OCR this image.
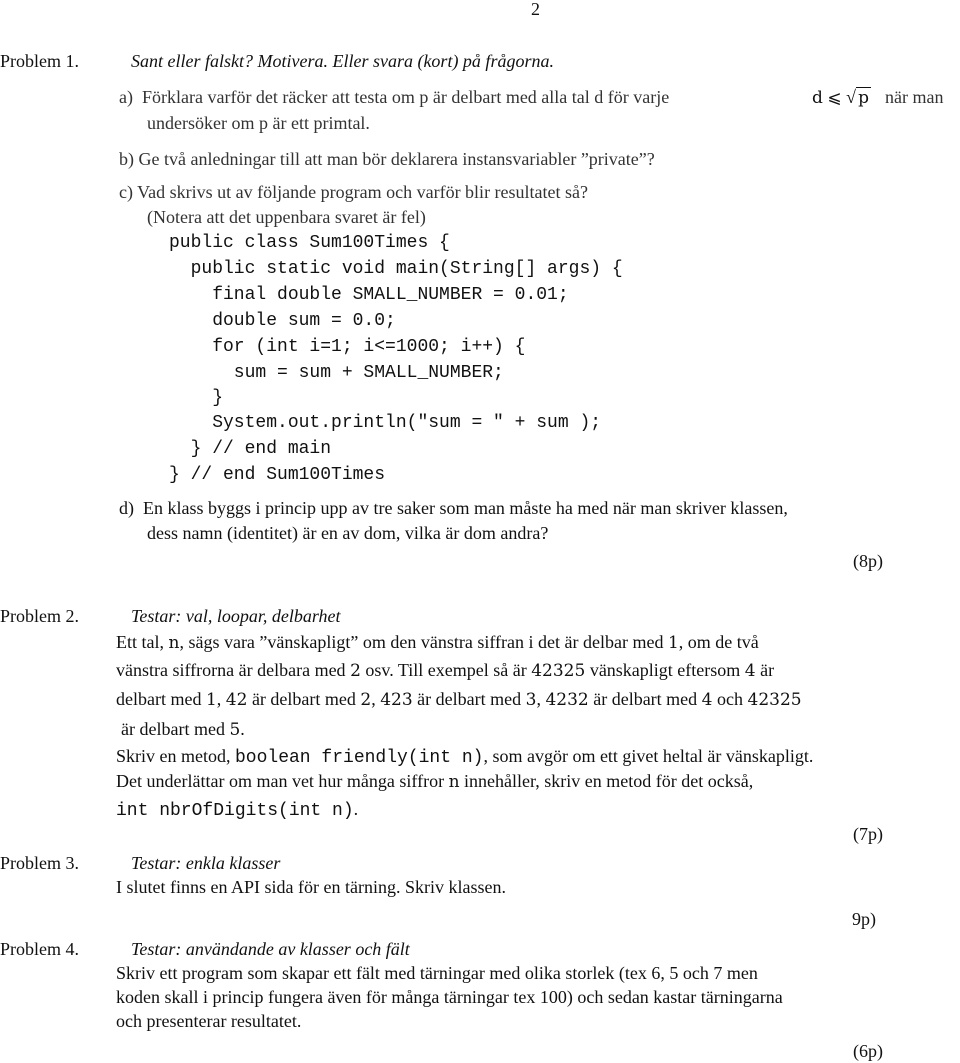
2
Problem 1.	Sant eller falskt? Motivera. Eller svara (kort) på frågorna.
a) Förklara varför det räcker att testa om p är delbart med alla tal d för varje	d ⩽ √ p när man
undersöker om p är ett primtal.
b) Ge två anledningar till att man bör deklarera instansvariabler ”private”?
c) Vad skrivs ut av följande program och varför blir resultatet så?
(Notera att det uppenbara svaret är fel)
public class Sum100Times {
public static void main(String[] args) {
final double SMALL_NUMBER = 0.01;
double sum = 0.0;
for (int i=1; i<=1000; i++) {
sum = sum + SMALL_NUMBER;
}
System.out.println("sum = " + sum );
} // end main
} // end Sum100Times
d) En klass byggs i princip upp av tre saker som man måste ha med när man skriver klassen,
dess namn (identitet) är en av dom, vilka är dom andra?
(8p)
Problem 2.	Testar: val, loopar, delbarhet
Ett tal, n, sägs vara ”vänskapligt” om den vänstra siffran i det är delbar med 1, om de två
vänstra siffrorna är delbara med 2 osv. Till exempel så är 42325 vänskapligt eftersom 4 är
delbart med 1, 42 är delbart med 2, 423 är delbart med 3, 4232 är delbart med 4 och 42325
är delbart med 5.
Skriv en metod, boolean friendly(int n), som avgör om ett givet heltal är vänskapligt.
Det underlättar om man vet hur många siffror n innehåller, skriv en metod för det också,
int nbrOfDigits(int n).
(7p)
Problem 3.	Testar: enkla klasser
I slutet finns en API sida för en tärning. Skriv klassen.
9p)
Problem 4.	Testar: användande av klasser och fält
Skriv ett program som skapar ett fält med tärningar med olika storlek (tex 6, 5 och 7 men
koden skall i princip fungera även för många tärningar tex 100) och sedan kastar tärningarna
och presenterar resultatet.
(6p)
